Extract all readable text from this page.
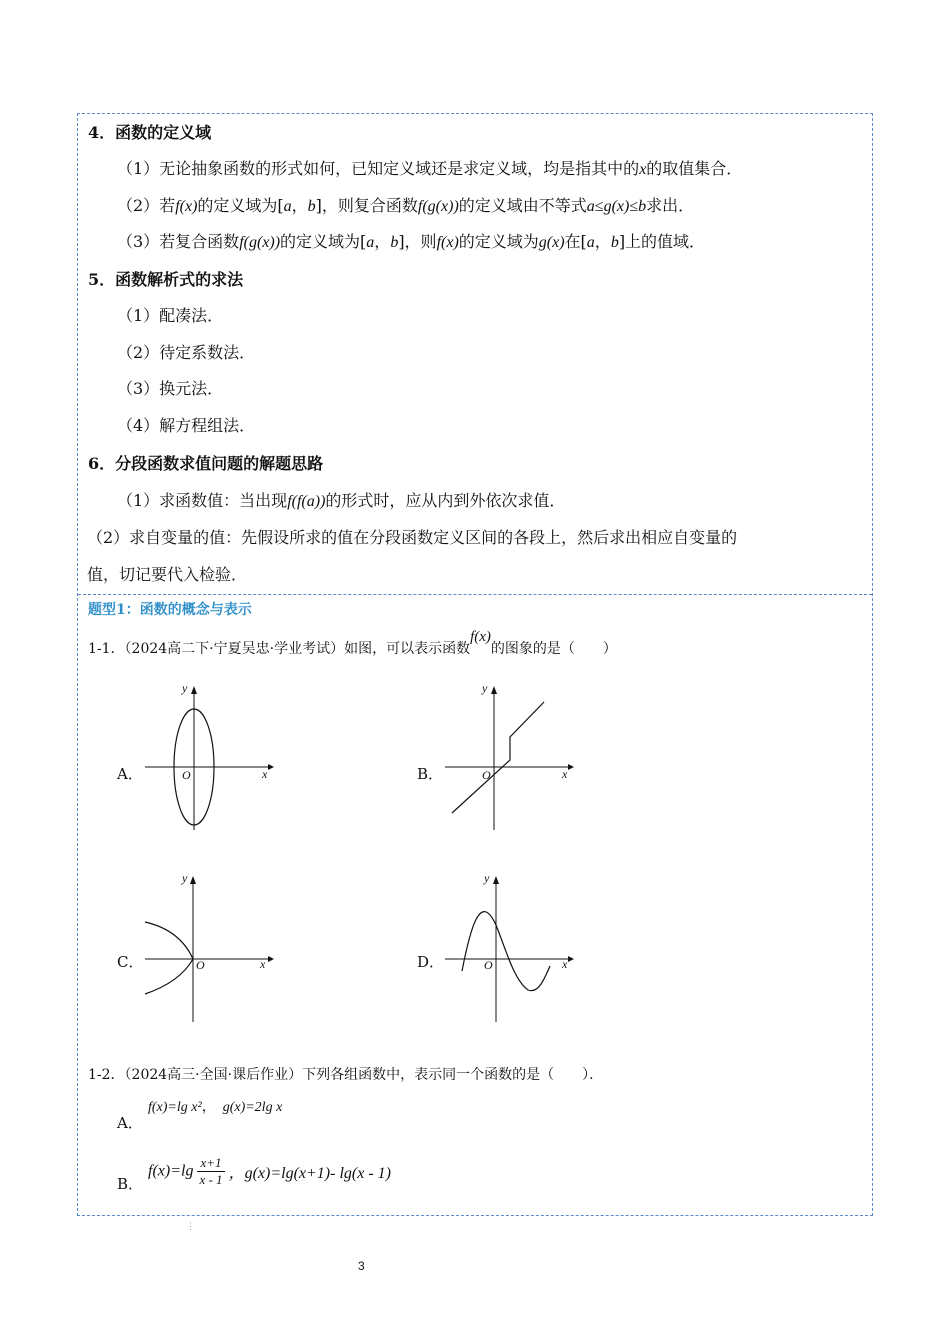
4．函数的定义域
（1）无论抽象函数的形式如何，已知定义域还是求定义域，均是指其中的x的取值集合．
（2）若f(x)的定义域为[a，b]，则复合函数f(g(x))的定义域由不等式a≤g(x)≤b求出．
（3）若复合函数f(g(x))的定义域为[a，b]，则f(x)的定义域为g(x)在[a，b]上的值域．
5．函数解析式的求法
（1）配凑法．
（2）待定系数法．
（3）换元法．
（4）解方程组法．
6．分段函数求值问题的解题思路
（1）求函数值：当出现f(f(a))的形式时，应从内到外依次求值．
（2）求自变量的值：先假设所求的值在分段函数定义区间的各段上，然后求出相应自变量的
值，切记要代入检验．
题型1：函数的概念与表示
1-1．（2024高二下·宁夏吴忠·学业考试）如图，可以表示函数f(x)的图象的是（　　）
A．
y
x
O	B．
y
x
O
C．
y
x
O	D．
y
x
O
1-2．（2024高三·全国·课后作业）下列各组函数中，表示同一个函数的是（　　）．
A．
f(x)=lg x²， g(x)=2lg x
B．
$f(x)=\lg \frac{x+1}{x - 1}$ ，g(x)=lg(x+1)- lg(x - 1)
⋮
3
